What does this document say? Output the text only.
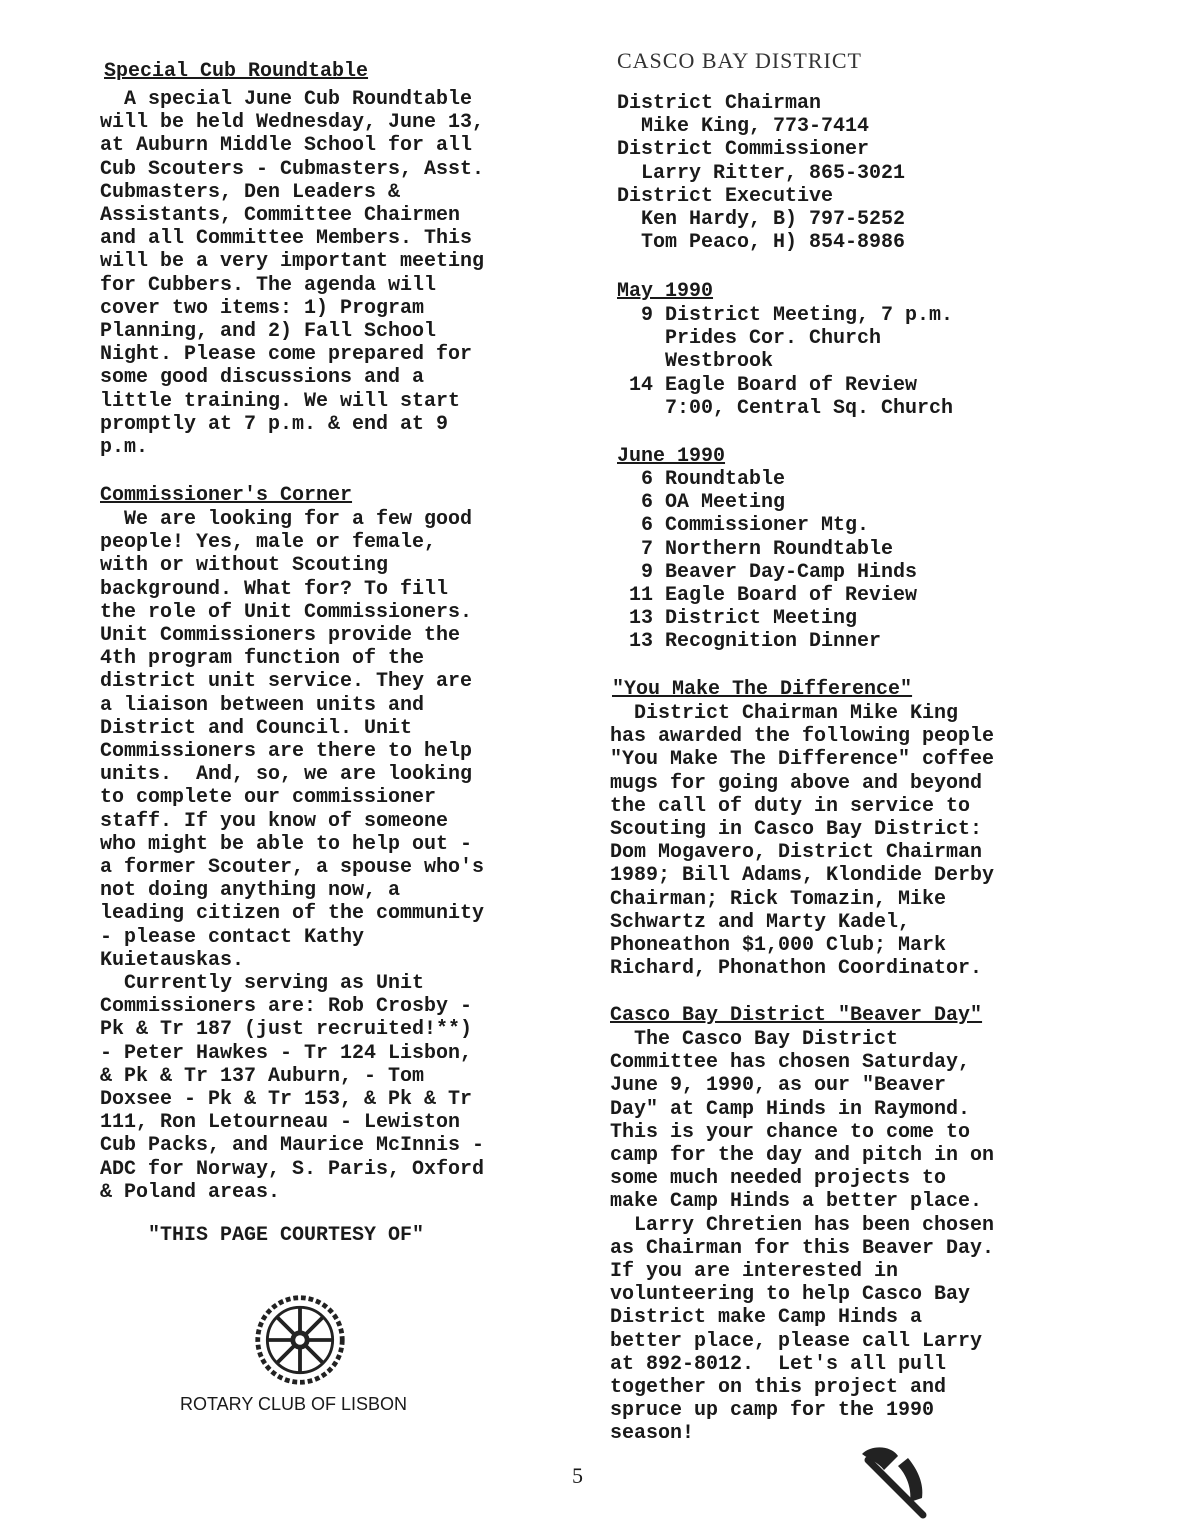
Special Cub Roundtable
A special June Cub Roundtable
will be held Wednesday, June 13,
at Auburn Middle School for all
Cub Scouters - Cubmasters, Asst.
Cubmasters, Den Leaders &
Assistants, Committee Chairmen
and all Committee Members. This
will be a very important meeting
for Cubbers. The agenda will
cover two items: 1) Program
Planning, and 2) Fall School
Night. Please come prepared for
some good discussions and a
little training. We will start
promptly at 7 p.m. & end at 9
p.m.
Commissioner's Corner
We are looking for a few good
people! Yes, male or female,
with or without Scouting
background. What for? To fill
the role of Unit Commissioners.
Unit Commissioners provide the
4th program function of the
district unit service. They are
a liaison between units and
District and Council. Unit
Commissioners are there to help
units.  And, so, we are looking
to complete our commissioner
staff. If you know of someone
who might be able to help out -
a former Scouter, a spouse who's
not doing anything now, a
leading citizen of the community
- please contact Kathy
Kuietauskas.
Currently serving as Unit
Commissioners are: Rob Crosby -
Pk & Tr 187 (just recruited!**)
- Peter Hawkes - Tr 124 Lisbon,
& Pk & Tr 137 Auburn, - Tom
Doxsee - Pk & Tr 153, & Pk & Tr
111, Ron Letourneau - Lewiston
Cub Packs, and Maurice McInnis -
ADC for Norway, S. Paris, Oxford
& Poland areas.
"THIS PAGE COURTESY OF"
ROTARY CLUB OF LISBON
CASCO BAY DISTRICT
District Chairman
Mike King, 773-7414
District Commissioner
Larry Ritter, 865-3021
District Executive
Ken Hardy, B) 797-5252
Tom Peaco, H) 854-8986
May 1990
9 District Meeting, 7 p.m.
Prides Cor. Church
Westbrook
14 Eagle Board of Review
7:00, Central Sq. Church
June 1990
6 Roundtable
6 OA Meeting
6 Commissioner Mtg.
7 Northern Roundtable
9 Beaver Day-Camp Hinds
11 Eagle Board of Review
13 District Meeting
13 Recognition Dinner
"You Make The Difference"
District Chairman Mike King
has awarded the following people
"You Make The Difference" coffee
mugs for going above and beyond
the call of duty in service to
Scouting in Casco Bay District:
Dom Mogavero, District Chairman
1989; Bill Adams, Klondide Derby
Chairman; Rick Tomazin, Mike
Schwartz and Marty Kadel,
Phoneathon $1,000 Club; Mark
Richard, Phonathon Coordinator.
Casco Bay District "Beaver Day"
The Casco Bay District
Committee has chosen Saturday,
June 9, 1990, as our "Beaver
Day" at Camp Hinds in Raymond.
This is your chance to come to
camp for the day and pitch in on
some much needed projects to
make Camp Hinds a better place.
Larry Chretien has been chosen
as Chairman for this Beaver Day.
If you are interested in
volunteering to help Casco Bay
District make Camp Hinds a
better place, please call Larry
at 892-8012.  Let's all pull
together on this project and
spruce up camp for the 1990
season!
5
